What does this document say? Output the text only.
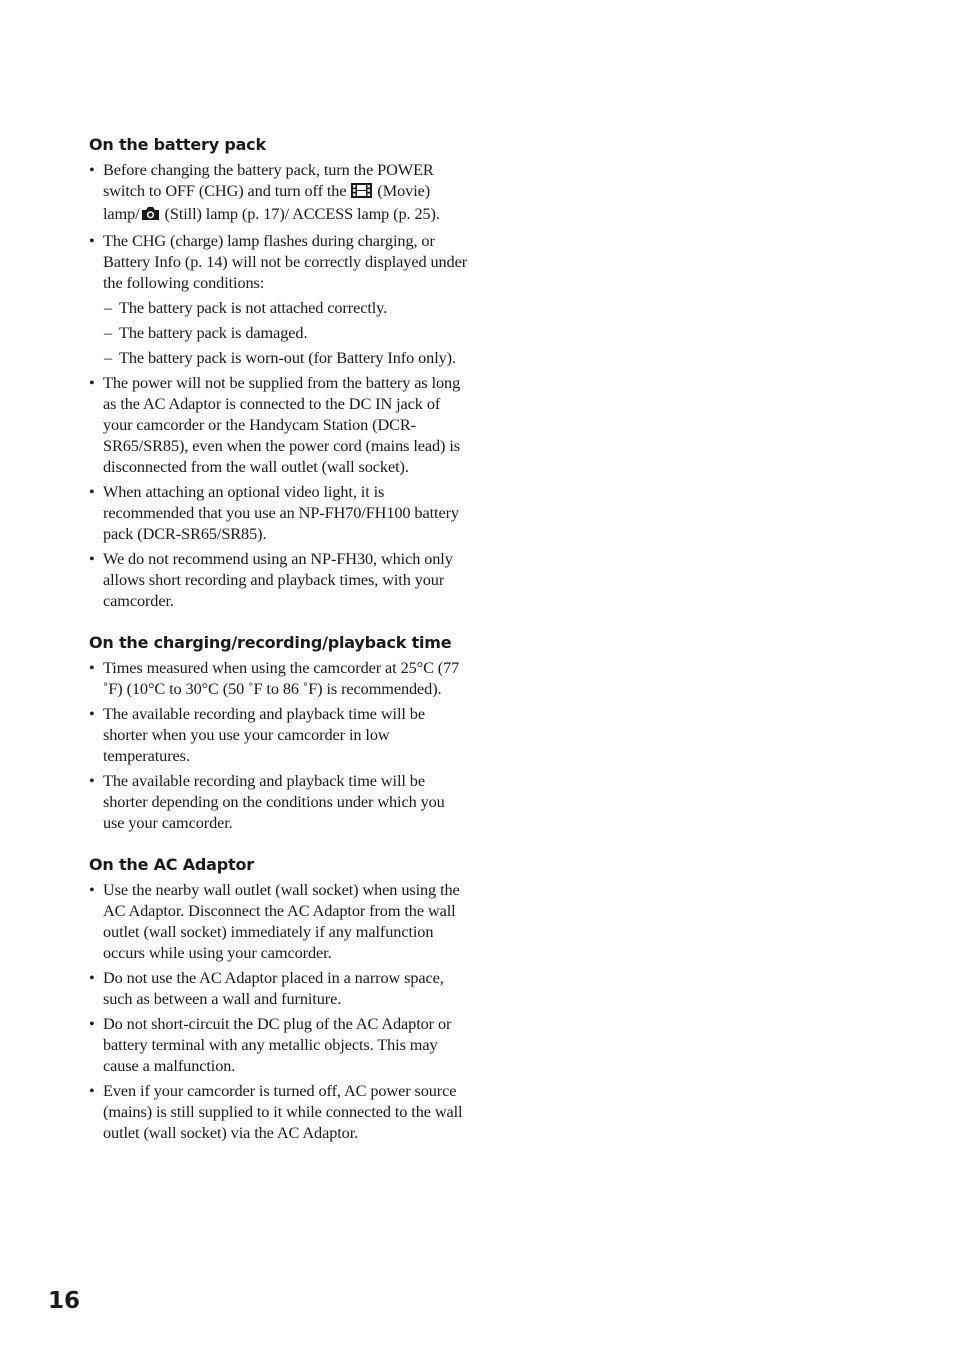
On the battery pack
• Before changing the battery pack, turn the POWER switch to OFF (CHG) and turn off the  (Movie) lamp/ (Still) lamp (p. 17)/ ACCESS lamp (p. 25).
• The CHG (charge) lamp flashes during charging, or Battery Info (p. 14) will not be correctly displayed under the following conditions:
– The battery pack is not attached correctly.
– The battery pack is damaged.
– The battery pack is worn-out (for Battery Info only).
• The power will not be supplied from the battery as long as the AC Adaptor is connected to the DC IN jack of your camcorder or the Handycam Station (DCR-SR65/SR85), even when the power cord (mains lead) is disconnected from the wall outlet (wall socket).
• When attaching an optional video light, it is recommended that you use an NP-FH70/FH100 battery pack (DCR-SR65/SR85).
• We do not recommend using an NP-FH30, which only allows short recording and playback times, with your camcorder.
On the charging/recording/playback time
• Times measured when using the camcorder at 25°C (77 ˚F) (10°C to 30°C (50 ˚F to 86 ˚F) is recommended).
• The available recording and playback time will be shorter when you use your camcorder in low temperatures.
• The available recording and playback time will be shorter depending on the conditions under which you use your camcorder.
On the AC Adaptor
• Use the nearby wall outlet (wall socket) when using the AC Adaptor. Disconnect the AC Adaptor from the wall outlet (wall socket) immediately if any malfunction occurs while using your camcorder.
• Do not use the AC Adaptor placed in a narrow space, such as between a wall and furniture.
• Do not short-circuit the DC plug of the AC Adaptor or battery terminal with any metallic objects. This may cause a malfunction.
• Even if your camcorder is turned off, AC power source (mains) is still supplied to it while connected to the wall outlet (wall socket) via the AC Adaptor.
16
